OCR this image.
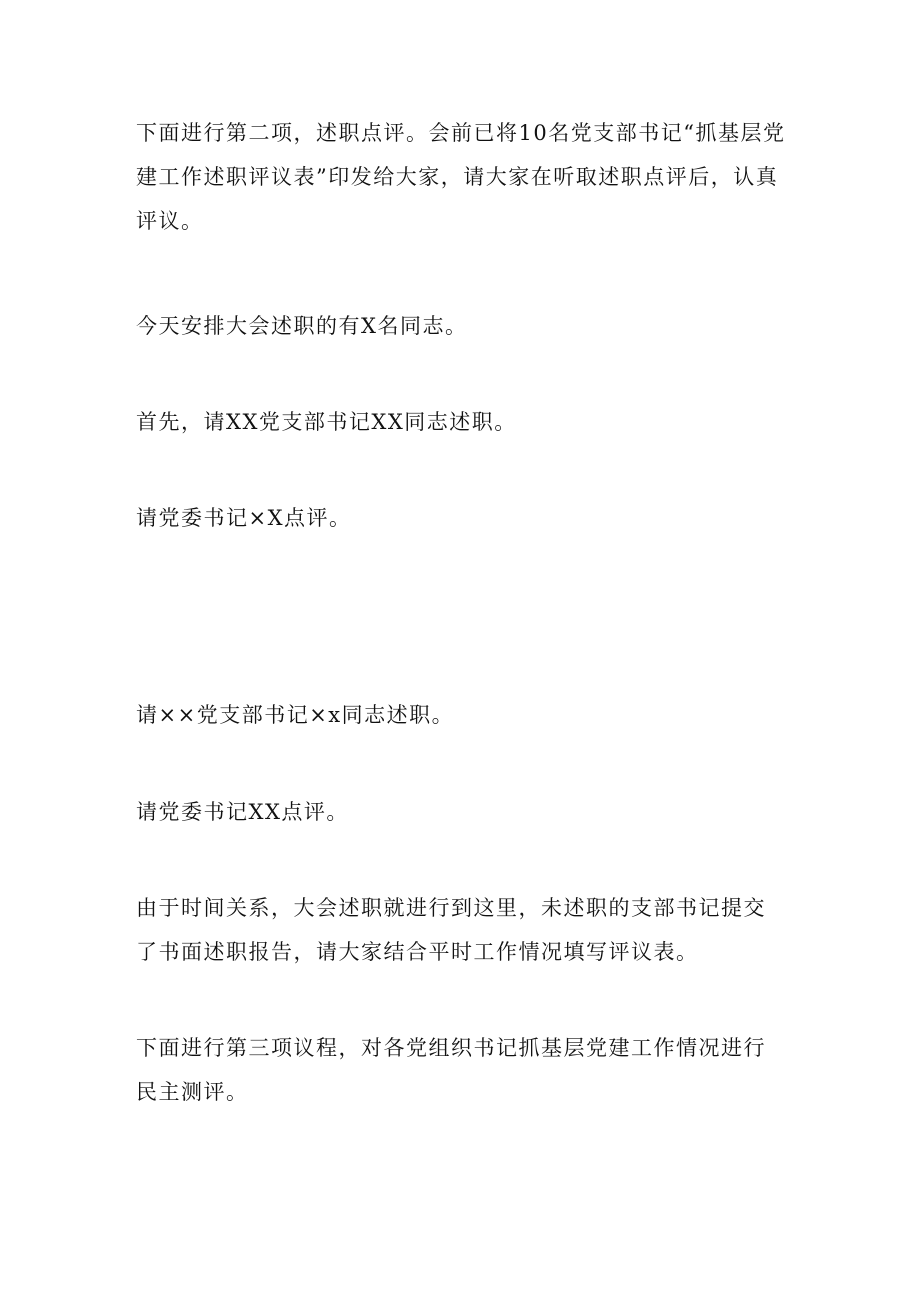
下面进行第二项，述职点评。会前已将10名党支部书记“抓基层党建工作述职评议表”印发给大家，请大家在听取述职点评后，认真评议。

今天安排大会述职的有X名同志。

首先，请XX党支部书记XX同志述职。

请党委书记×X点评。

请××党支部书记×x同志述职。

请党委书记XX点评。

由于时间关系，大会述职就进行到这里，未述职的支部书记提交了书面述职报告，请大家结合平时工作情况填写评议表。

下面进行第三项议程，对各党组织书记抓基层党建工作情况进行民主测评。
